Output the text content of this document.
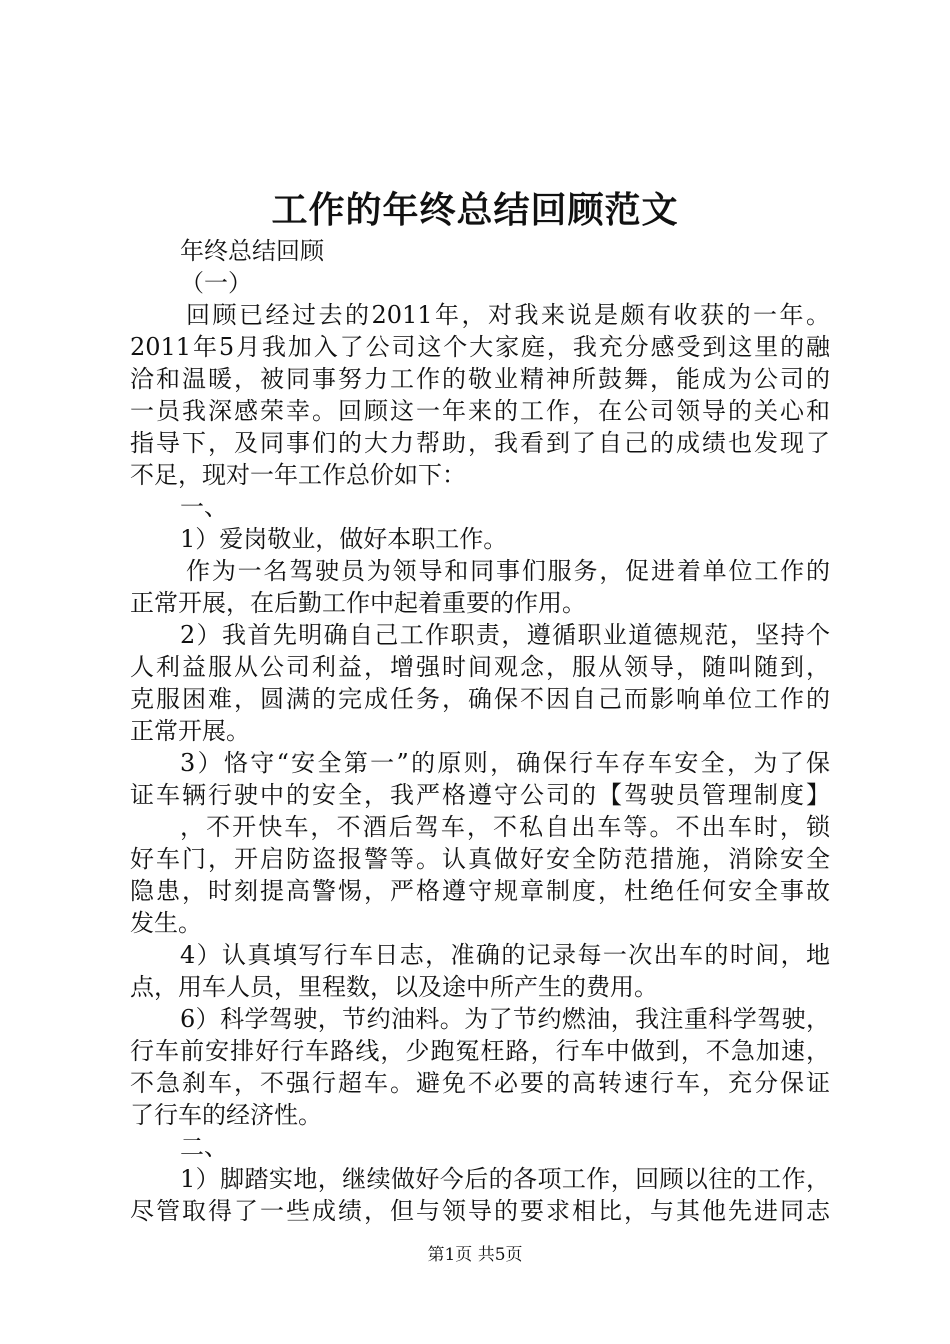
工作的年终总结回顾范文
年终总结回顾
（一）
回顾已经过去的2011年，对我来说是颇有收获的一年。
2011年5月我加入了公司这个大家庭，我充分感受到这里的融
洽和温暖，被同事努力工作的敬业精神所鼓舞，能成为公司的
一员我深感荣幸。回顾这一年来的工作，在公司领导的关心和
指导下，及同事们的大力帮助，我看到了自己的成绩也发现了
不足，现对一年工作总价如下：
一、
1）爱岗敬业，做好本职工作。
作为一名驾驶员为领导和同事们服务，促进着单位工作的
正常开展，在后勤工作中起着重要的作用。
2）我首先明确自己工作职责，遵循职业道德规范，坚持个
人利益服从公司利益，增强时间观念，服从领导，随叫随到，
克服困难，圆满的完成任务，确保不因自己而影响单位工作的
正常开展。
3）恪守“安全第一”的原则，确保行车存车安全，为了保
证车辆行驶中的安全，我严格遵守公司的【驾驶员管理制度】
，不开快车，不酒后驾车，不私自出车等。不出车时，锁
好车门，开启防盗报警等。认真做好安全防范措施，消除安全
隐患，时刻提高警惕，严格遵守规章制度，杜绝任何安全事故
发生。
4）认真填写行车日志，准确的记录每一次出车的时间，地
点，用车人员，里程数，以及途中所产生的费用。
6）科学驾驶，节约油料。为了节约燃油，我注重科学驾驶，
行车前安排好行车路线，少跑冤枉路，行车中做到，不急加速，
不急刹车，不强行超车。避免不必要的高转速行车，充分保证
了行车的经济性。
二、
1）脚踏实地，继续做好今后的各项工作，回顾以往的工作，
尽管取得了一些成绩，但与领导的要求相比，与其他先进同志
第1页 共5页
